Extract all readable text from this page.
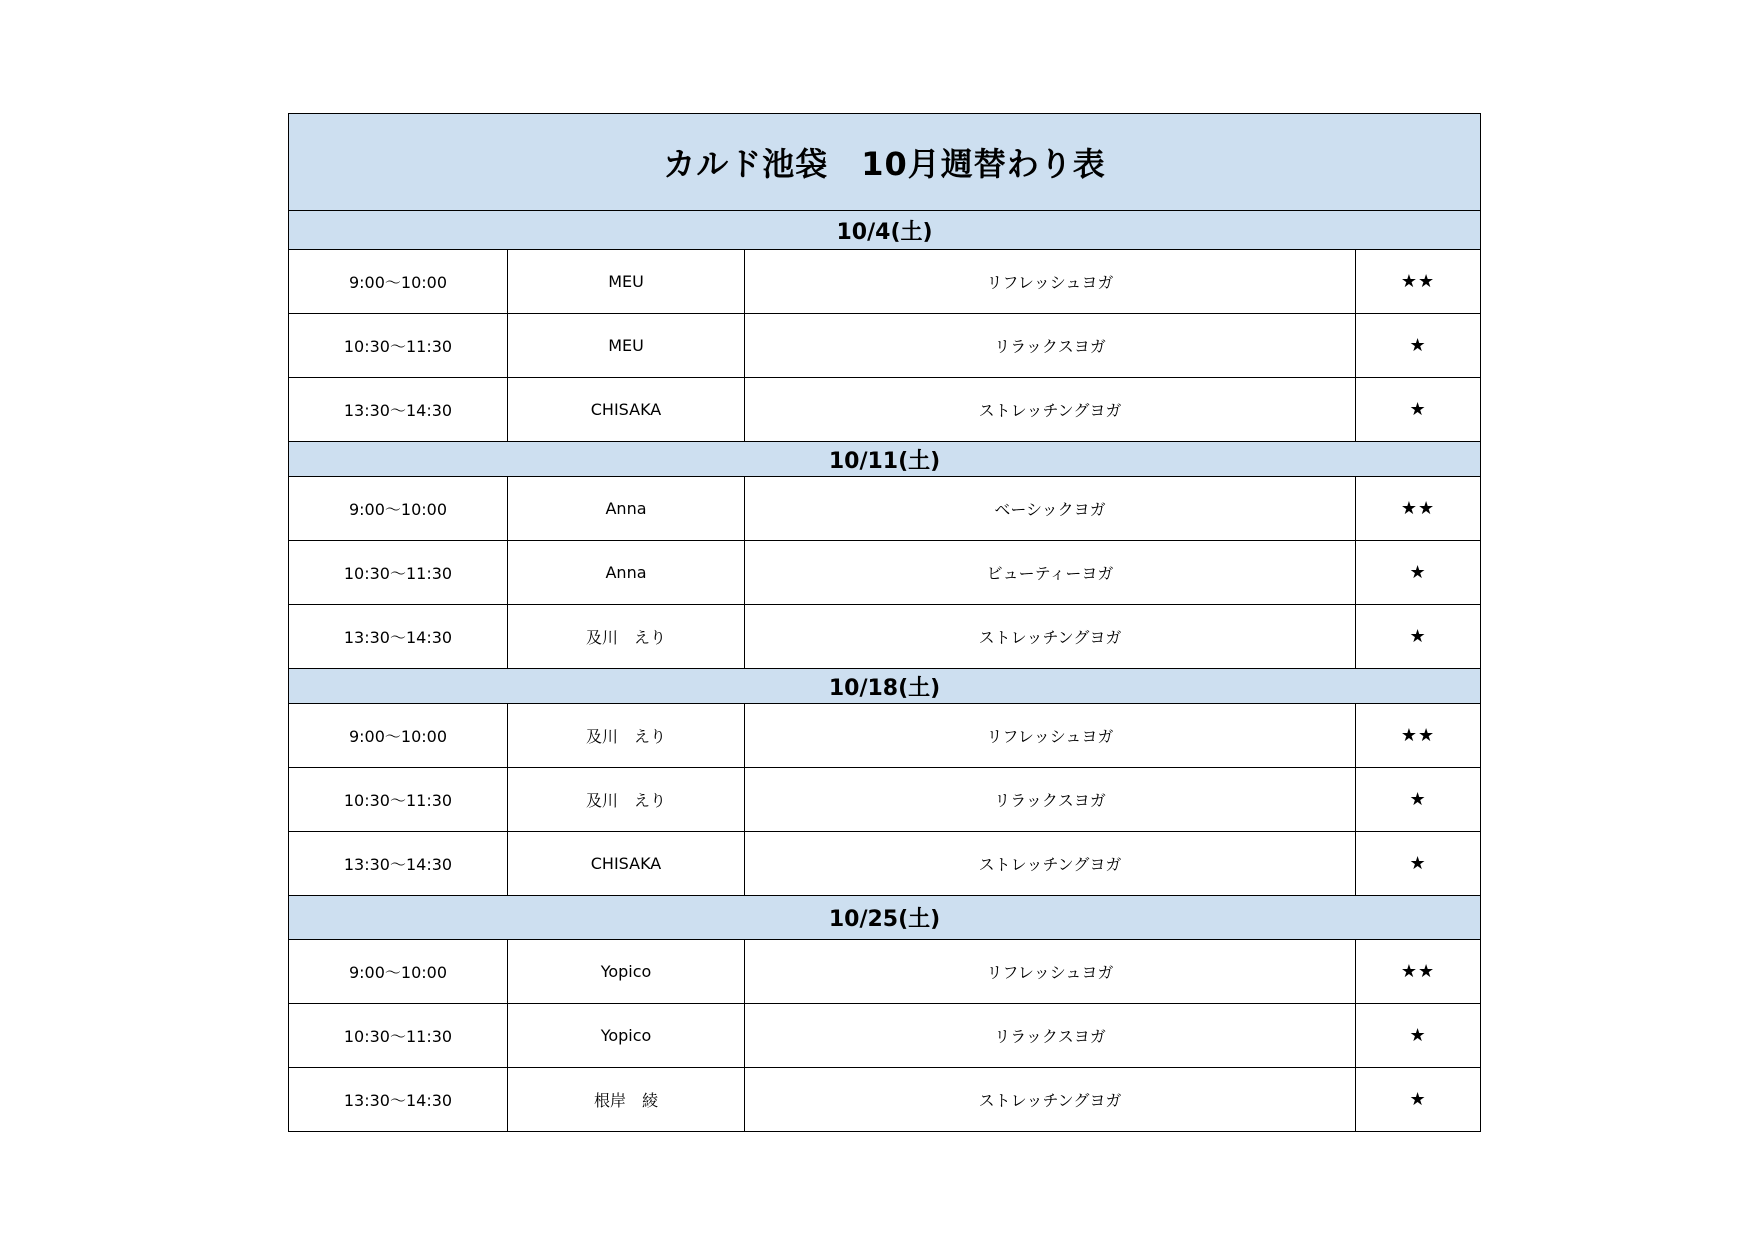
カルド池袋　10月週替わり表			
10/4(土)			
9:00～10:00	MEU	リフレッシュヨガ	★★
10:30～11:30	MEU	リラックスヨガ	★
13:30～14:30	CHISAKA	ストレッチングヨガ	★
10/11(土)			
9:00～10:00	Anna	ベーシックヨガ	★★
10:30～11:30	Anna	ビューティーヨガ	★
13:30～14:30	及川　えり	ストレッチングヨガ	★
10/18(土)			
9:00～10:00	及川　えり	リフレッシュヨガ	★★
10:30～11:30	及川　えり	リラックスヨガ	★
13:30～14:30	CHISAKA	ストレッチングヨガ	★
10/25(土)			
9:00～10:00	Yopico	リフレッシュヨガ	★★
10:30～11:30	Yopico	リラックスヨガ	★
13:30～14:30	根岸　綾	ストレッチングヨガ	★
